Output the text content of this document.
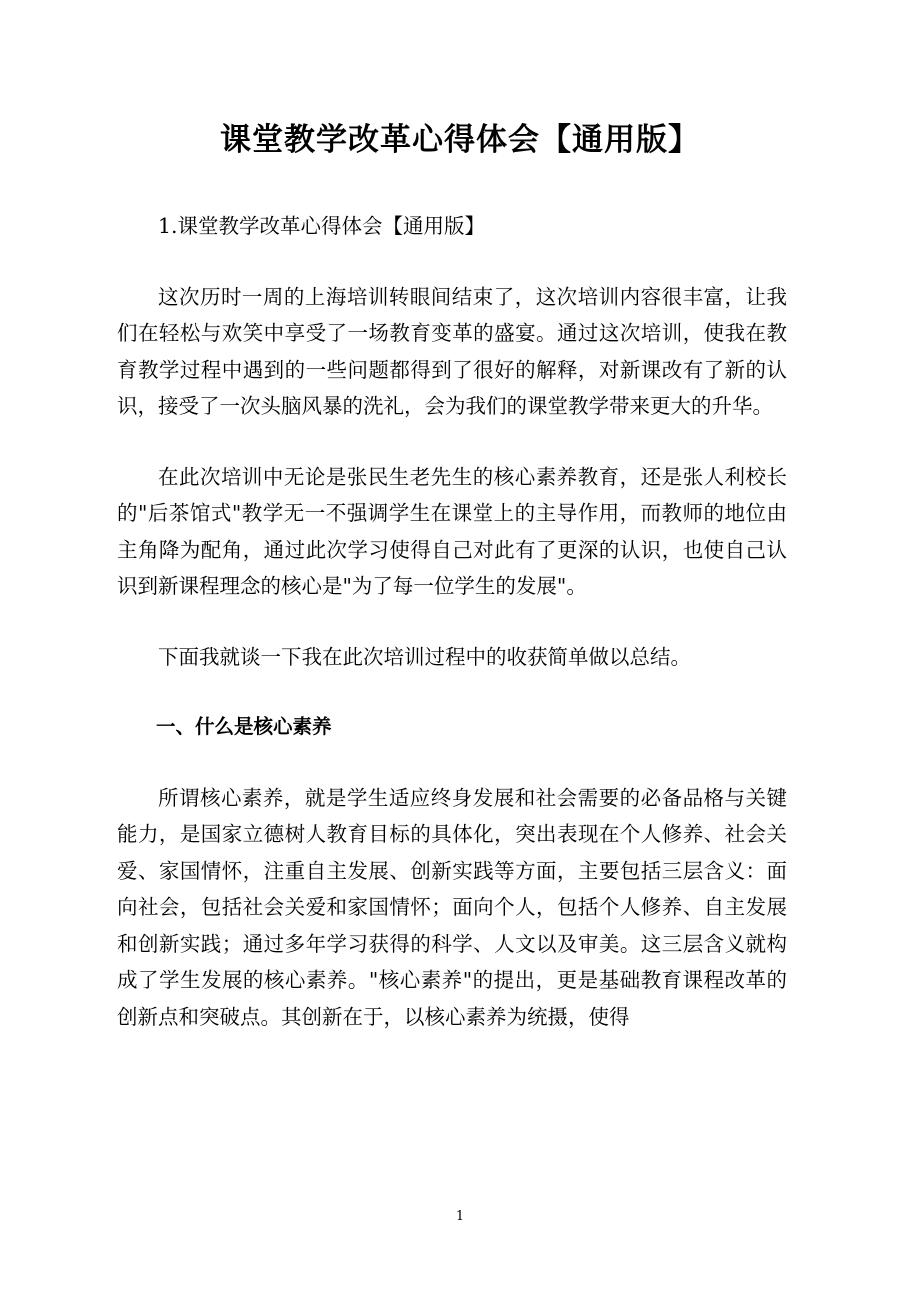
课堂教学改革心得体会【通用版】

1.课堂教学改革心得体会【通用版】

这次历时一周的上海培训转眼间结束了，这次培训内容很丰富，让我们在轻松与欢笑中享受了一场教育变革的盛宴。通过这次培训，使我在教育教学过程中遇到的一些问题都得到了很好的解释，对新课改有了新的认识，接受了一次头脑风暴的洗礼，会为我们的课堂教学带来更大的升华。

在此次培训中无论是张民生老先生的核心素养教育，还是张人利校长的"后茶馆式"教学无一不强调学生在课堂上的主导作用，而教师的地位由主角降为配角，通过此次学习使得自己对此有了更深的认识，也使自己认识到新课程理念的核心是"为了每一位学生的发展"。

下面我就谈一下我在此次培训过程中的收获简单做以总结。

一、什么是核心素养

所谓核心素养，就是学生适应终身发展和社会需要的必备品格与关键能力，是国家立德树人教育目标的具体化，突出表现在个人修养、社会关爱、家国情怀，注重自主发展、创新实践等方面，主要包括三层含义：面向社会，包括社会关爱和家国情怀；面向个人，包括个人修养、自主发展和创新实践；通过多年学习获得的科学、人文以及审美。这三层含义就构成了学生发展的核心素养。"核心素养"的提出，更是基础教育课程改革的创新点和突破点。其创新在于，以核心素养为统摄，使得

1
